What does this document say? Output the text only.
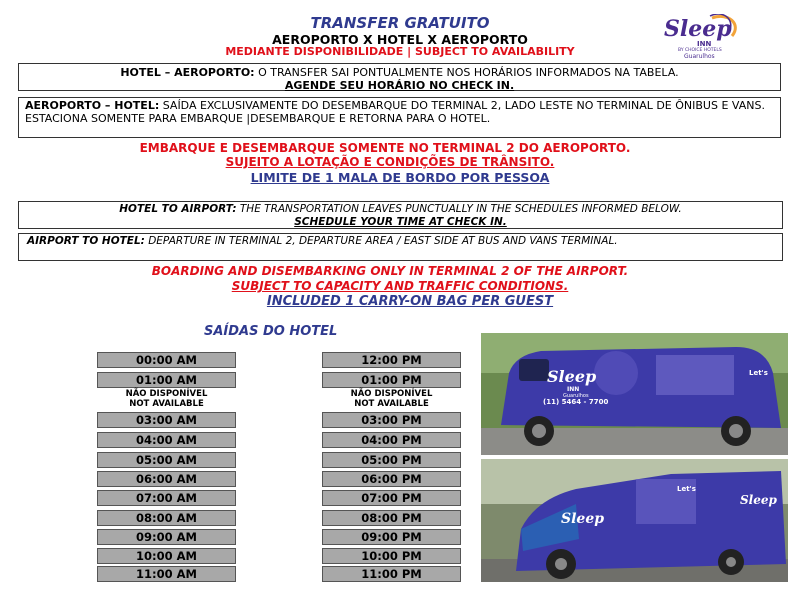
TRANSFER GRATUITO
AEROPORTO X HOTEL X AEROPORTO
MEDIANTE DISPONIBILIDADE | SUBJECT TO AVAILABILITY
Sleep
INN
BY CHOICE HOTELS
Guarulhos
HOTEL – AEROPORTO: O TRANSFER SAI PONTUALMENTE NOS HORÁRIOS INFORMADOS NA TABELA.
AGENDE SEU HORÁRIO NO CHECK IN.
AEROPORTO – HOTEL: SAÍDA EXCLUSIVAMENTE DO DESEMBARQUE DO TERMINAL 2, LADO LESTE NO TERMINAL DE ÔNIBUS E VANS. ESTACIONA SOMENTE PARA EMBARQUE |DESEMBARQUE E RETORNA PARA O HOTEL.
EMBARQUE E DESEMBARQUE SOMENTE NO TERMINAL 2 DO AEROPORTO.
SUJEITO A LOTAÇÃO E CONDIÇÕES DE TRÂNSITO.
LIMITE DE 1 MALA DE BORDO POR PESSOA
HOTEL TO AIRPORT: THE TRANSPORTATION LEAVES PUNCTUALLY IN THE SCHEDULES INFORMED BELOW.
SCHEDULE YOUR TIME AT CHECK IN.
AIRPORT TO HOTEL: DEPARTURE IN TERMINAL 2, DEPARTURE AREA / EAST SIDE AT BUS AND VANS TERMINAL.
BOARDING AND DISEMBARKING ONLY IN TERMINAL 2 OF THE AIRPORT.
SUBJECT TO CAPACITY AND TRAFFIC CONDITIONS.
INCLUDED 1 CARRY-ON BAG PER GUEST
SAÍDAS DO HOTEL
00:00 AM
01:00 AM
NÃO DISPONÍVEL
NOT AVAILABLE
03:00 AM
04:00 AM
05:00 AM
06:00 AM
07:00 AM
08:00 AM
09:00 AM
10:00 AM
11:00 AM
12:00 PM
01:00 PM
NÃO DISPONÍVEL
NOT AVAILABLE
03:00 PM
04:00 PM
05:00 PM
06:00 PM
07:00 PM
08:00 PM
09:00 PM
10:00 PM
11:00 PM
Sleep
INN
Guarulhos
(11) 5464 - 7700
Let's
Sleep
Sleep
Let's
